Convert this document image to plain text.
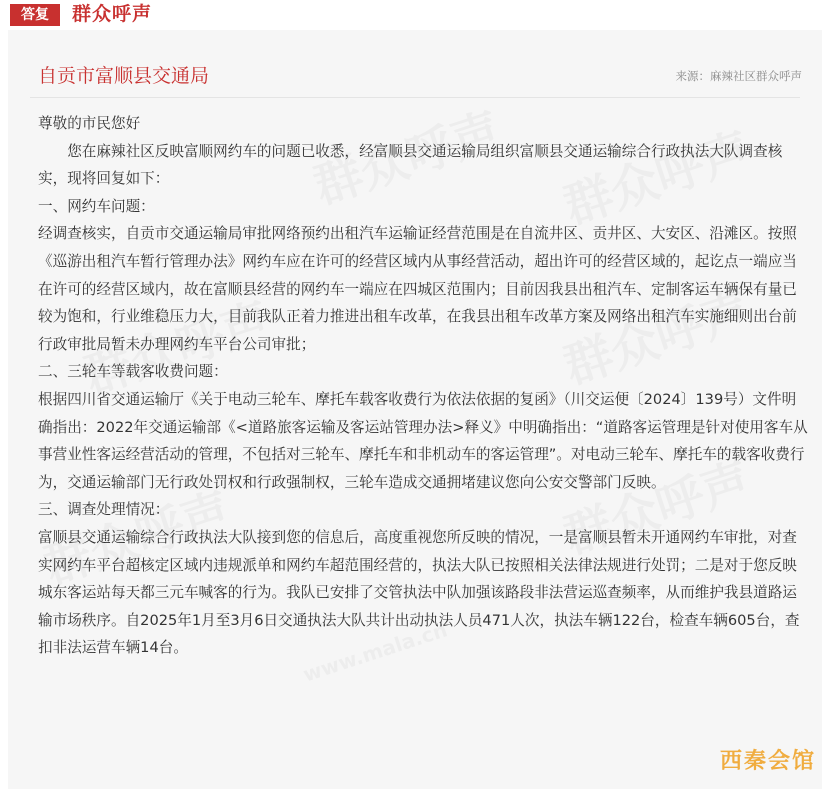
答复	群众呼声
自贡市富顺县交通局	来源：麻辣社区群众呼声

尊敬的市民您好

您在麻辣社区反映富顺网约车的问题已收悉，经富顺县交通运输局组织富顺县交通运输综合行政执法大队调查核实，现将回复如下：

一、网约车问题：

经调查核实，自贡市交通运输局审批网络预约出租汽车运输证经营范围是在自流井区、贡井区、大安区、沿滩区。按照《巡游出租汽车暂行管理办法》网约车应在许可的经营区域内从事经营活动，超出许可的经营区域的，起讫点一端应当在许可的经营区域内，故在富顺县经营的网约车一端应在四城区范围内；目前因我县出租汽车、定制客运车辆保有量已较为饱和，行业维稳压力大，目前我队正着力推进出租车改革，在我县出租车改革方案及网络出租汽车实施细则出台前行政审批局暂未办理网约车平台公司审批；

二、三轮车等载客收费问题：

根据四川省交通运输厅《关于电动三轮车、摩托车载客收费行为依法依据的复函》（川交运便〔2024〕139号）文件明确指出：2022年交通运输部《<道路旅客运输及客运站管理办法>释义》中明确指出：“道路客运管理是针对使用客车从事营业性客运经营活动的管理，不包括对三轮车、摩托车和非机动车的客运管理”。对电动三轮车、摩托车的载客收费行为，交通运输部门无行政处罚权和行政强制权，三轮车造成交通拥堵建议您向公安交警部门反映。

三、调查处理情况：

富顺县交通运输综合行政执法大队接到您的信息后，高度重视您所反映的情况，一是富顺县暂未开通网约车审批，对查实网约车平台超核定区域内违规派单和网约车超范围经营的，执法大队已按照相关法律法规进行处罚；二是对于您反映城东客运站每天都三元车喊客的行为。我队已安排了交管执法中队加强该路段非法营运巡查频率，从而维护我县道路运输市场秩序。自2025年1月至3月6日交通执法大队共计出动执法人员471人次，执法车辆122台，检查车辆605台，查扣非法运营车辆14台。

西秦会馆
